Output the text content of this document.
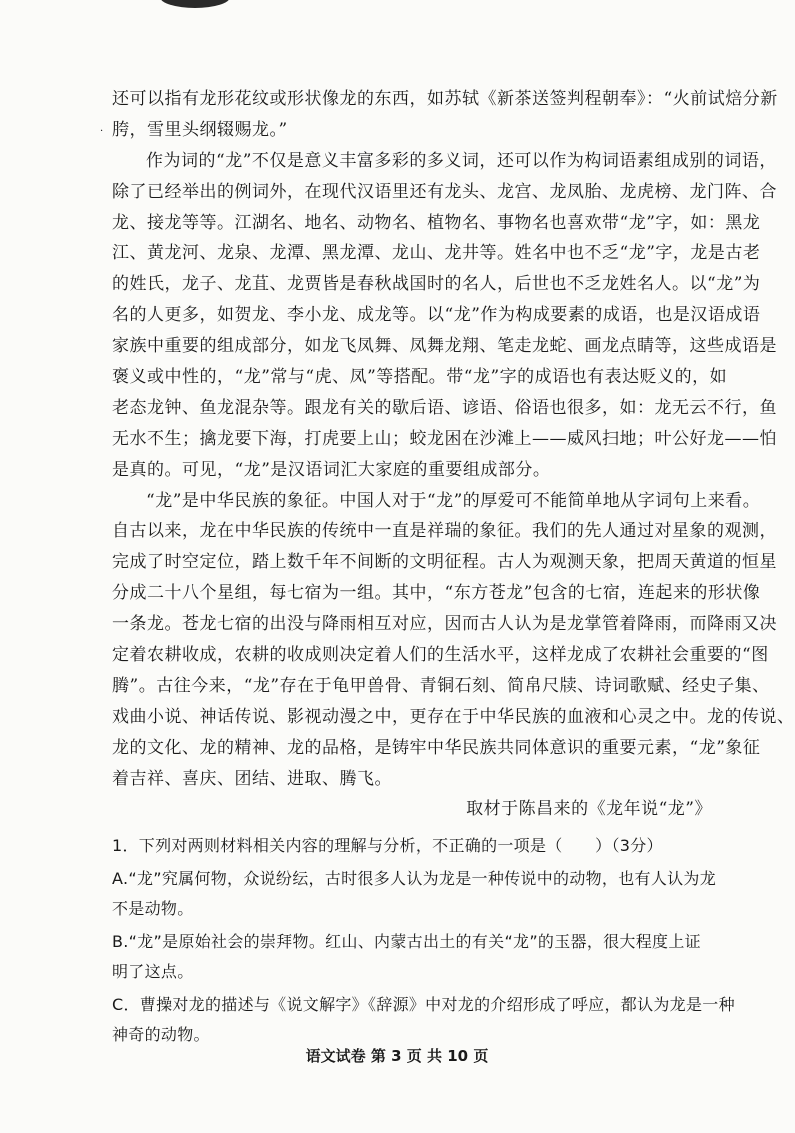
·
还可以指有龙形花纹或形状像龙的东西，如苏轼《新茶送签判程朝奉》：“火前试焙分新
胯，雪里头纲辍赐龙。”
作为词的“龙”不仅是意义丰富多彩的多义词，还可以作为构词语素组成别的词语，
除了已经举出的例词外，在现代汉语里还有龙头、龙宫、龙凤胎、龙虎榜、龙门阵、合
龙、接龙等等。江湖名、地名、动物名、植物名、事物名也喜欢带“龙”字，如：黑龙
江、黄龙河、龙泉、龙潭、黑龙潭、龙山、龙井等。姓名中也不乏“龙”字，龙是古老
的姓氏，龙子、龙苴、龙贾皆是春秋战国时的名人，后世也不乏龙姓名人。以“龙”为
名的人更多，如贺龙、李小龙、成龙等。以“龙”作为构成要素的成语，也是汉语成语
家族中重要的组成部分，如龙飞凤舞、凤舞龙翔、笔走龙蛇、画龙点睛等，这些成语是
褒义或中性的，“龙”常与“虎、凤”等搭配。带“龙”字的成语也有表达贬义的，如
老态龙钟、鱼龙混杂等。跟龙有关的歇后语、谚语、俗语也很多，如：龙无云不行，鱼
无水不生；擒龙要下海，打虎要上山；蛟龙困在沙滩上——威风扫地；叶公好龙——怕
是真的。可见，“龙”是汉语词汇大家庭的重要组成部分。
“龙”是中华民族的象征。中国人对于“龙”的厚爱可不能简单地从字词句上来看。
自古以来，龙在中华民族的传统中一直是祥瑞的象征。我们的先人通过对星象的观测，
完成了时空定位，踏上数千年不间断的文明征程。古人为观测天象，把周天黄道的恒星
分成二十八个星组，每七宿为一组。其中，“东方苍龙”包含的七宿，连起来的形状像
一条龙。苍龙七宿的出没与降雨相互对应，因而古人认为是龙掌管着降雨，而降雨又决
定着农耕收成，农耕的收成则决定着人们的生活水平，这样龙成了农耕社会重要的“图
腾”。古往今来，“龙”存在于龟甲兽骨、青铜石刻、简帛尺牍、诗词歌赋、经史子集、
戏曲小说、神话传说、影视动漫之中，更存在于中华民族的血液和心灵之中。龙的传说、
龙的文化、龙的精神、龙的品格，是铸牢中华民族共同体意识的重要元素，“龙”象征
着吉祥、喜庆、团结、进取、腾飞。
取材于陈昌来的《龙年说“龙”》
1．下列对两则材料相关内容的理解与分析，不正确的一项是（　　）（3分）
A.“龙”究属何物，众说纷纭，古时很多人认为龙是一种传说中的动物，也有人认为龙
不是动物。
B.“龙”是原始社会的崇拜物。红山、内蒙古出土的有关“龙”的玉器，很大程度上证
明了这点。
C．曹操对龙的描述与《说文解字》《辞源》中对龙的介绍形成了呼应，都认为龙是一种
神奇的动物。
语文试卷 第 3 页 共 10 页
